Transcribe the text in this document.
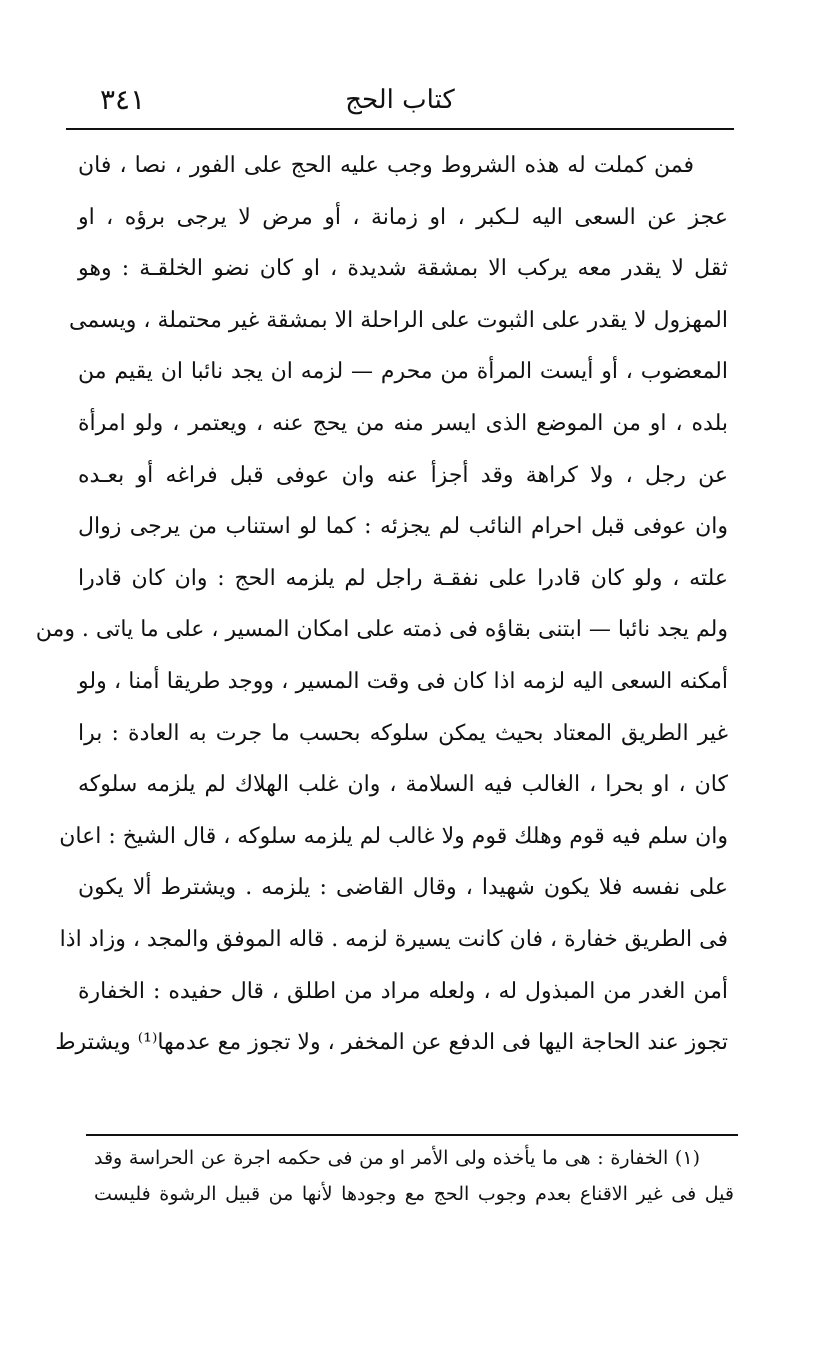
كتاب الحج
٣٤١
فمن كملت له هذه الشروط وجب عليه الحج على الفور ، نصا ، فان
عجز عن السعى اليه لـكبر ، او زمانة ، أو مرض لا يرجى برؤه ، او
ثقل لا يقدر معه يركب الا بمشقة شديدة ، او كان نضو الخلقـة : وهو
المهزول لا يقدر على الثبوت على الراحلة الا بمشقة غير محتملة ، ويسمى
المعضوب ، أو أيست المرأة من محرم — لزمه ان يجد نائبا ان يقيم من
بلده ، او من الموضع الذى ايسر منه من يحج عنه ، ويعتمر ، ولو امرأة
عن رجل ، ولا كراهة وقد أجزأ عنه وان عوفى قبل فراغه أو بعـده
وان عوفى قبل احرام النائب لم يجزئه : كما لو استناب من يرجى زوال
علته ، ولو كان قادرا على نفقـة راجل لم يلزمه الحج : وان كان قادرا
ولم يجد نائبا — ابتنى بقاؤه فى ذمته على امكان المسير ، على ما ياتى . ومن
أمكنه السعى اليه لزمه اذا كان فى وقت المسير ، ووجد طريقا أمنا ، ولو
غير الطريق المعتاد بحيث يمكن سلوكه بحسب ما جرت به العادة : برا
كان ، او بحرا ، الغالب فيه السلامة ، وان غلب الهلاك لم يلزمه سلوكه
وان سلم فيه قوم وهلك قوم ولا غالب لم يلزمه سلوكه ، قال الشيخ : اعان
على نفسه فلا يكون شهيدا ، وقال القاضى : يلزمه . ويشترط ألا يكون
فى الطريق خفارة ، فان كانت يسيرة لزمه . قاله الموفق والمجد ، وزاد اذا
أمن الغدر من المبذول له ، ولعله مراد من اطلق ، قال حفيده : الخفارة
تجوز عند الحاجة اليها فى الدفع عن المخفر ، ولا تجوز مع عدمها⁽¹⁾ ويشترط
(١) الخفارة : هى ما يأخذه ولى الأمر او من فى حكمه اجرة عن الحراسة وقد
قيل فى غير الاقناع بعدم وجوب الحج مع وجودها لأنها من قبيل الرشوة فليست
